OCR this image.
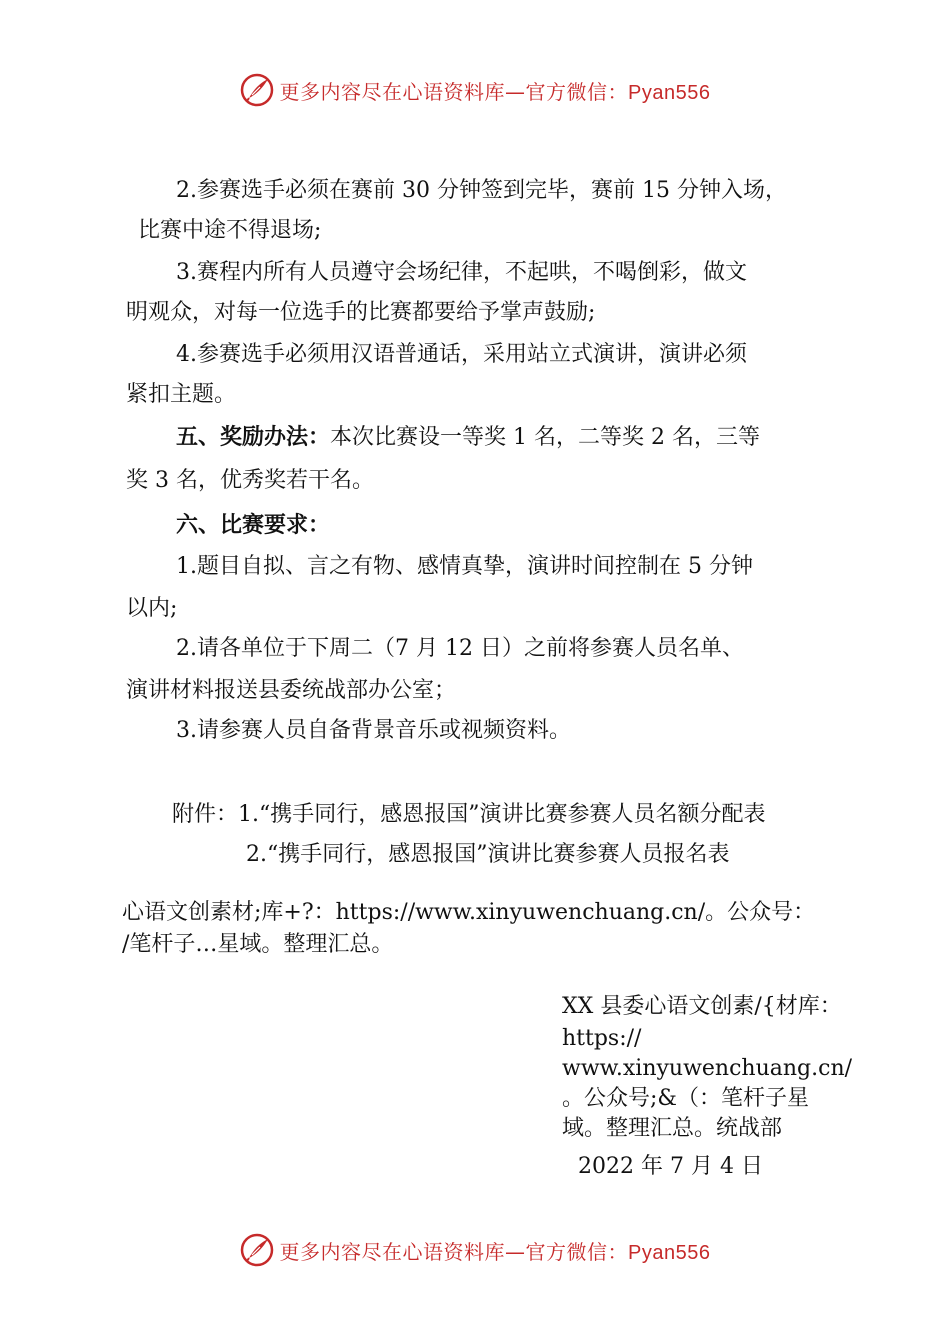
更多内容尽在心语资料库—官方微信：Pyan556
2.参赛选手必须在赛前 30 分钟签到完毕，赛前 15 分钟入场，
比赛中途不得退场;
3.赛程内所有人员遵守会场纪律，不起哄，不喝倒彩，做文
明观众，对每一位选手的比赛都要给予掌声鼓励;
4.参赛选手必须用汉语普通话，采用站立式演讲，演讲必须
紧扣主题。
五、奖励办法：本次比赛设一等奖 1 名，二等奖 2 名，三等
奖 3 名，优秀奖若干名。
六、比赛要求：
1.题目自拟、言之有物、感情真挚，演讲时间控制在 5 分钟
以内;
2.请各单位于下周二（7 月 12 日）之前将参赛人员名单、
演讲材料报送县委统战部办公室；
3.请参赛人员自备背景音乐或视频资料。
附件：1.“携手同行，感恩报国”演讲比赛参赛人员名额分配表
2.“携手同行，感恩报国”演讲比赛参赛人员报名表
心语文创素材;库+?：https://www.xinyuwenchuang.cn/。公众号：
/笔杆子…星域。整理汇总。
XX 县委心语文创素/{材库：
https://
www.xinyuwenchuang.cn/
。公众号;&（：笔杆子星
域。整理汇总。统战部
2022 年 7 月 4 日
更多内容尽在心语资料库—官方微信：Pyan556
